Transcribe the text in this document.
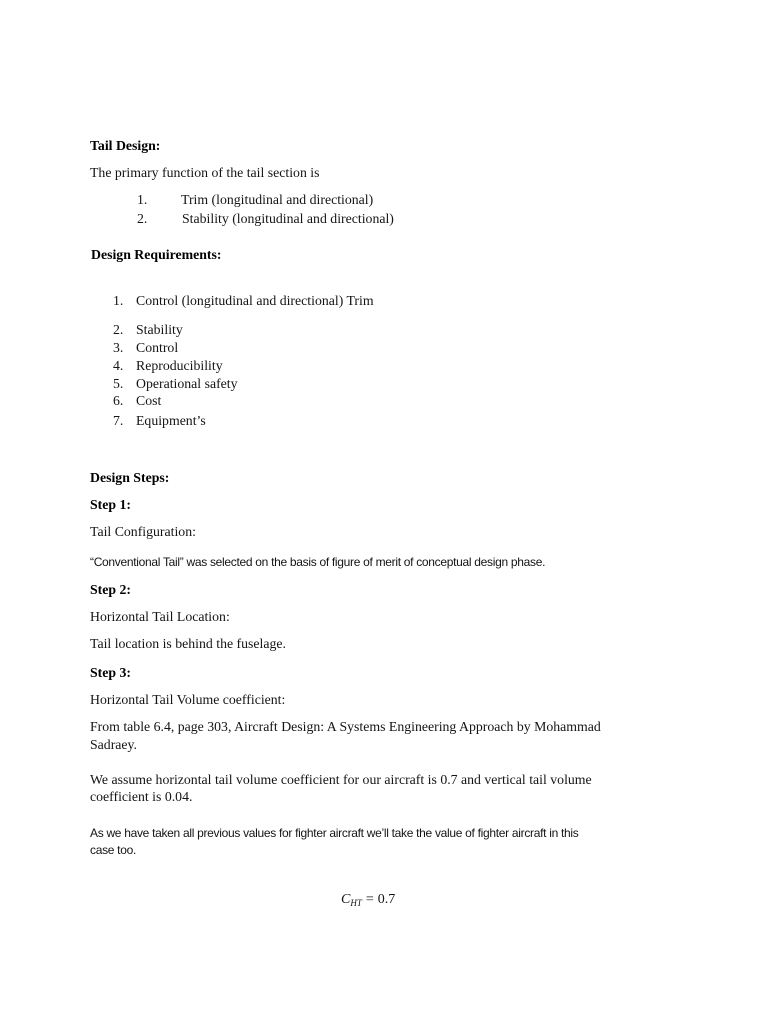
Tail Design:
The primary function of the tail section is
1. Trim (longitudinal and directional)
2.	Stability (longitudinal and directional)
Design Requirements:
1. Control (longitudinal and directional) Trim
2. Stability
3. Control
4. Reproducibility
5. Operational safety
6. Cost
7. Equipment’s
Design Steps:
Step 1:
Tail Configuration:
“Conventional Tail” was selected on the basis of figure of merit of conceptual design phase.
Step 2:
Horizontal Tail Location:
Tail location is behind the fuselage.
Step 3:
Horizontal Tail Volume coefficient:
From table 6.4, page 303, Aircraft Design: A Systems Engineering Approach by Mohammad
Sadraey.
We assume horizontal tail volume coefficient for our aircraft is 0.7 and vertical tail volume
coefficient is 0.04.
As we have taken all previous values for fighter aircraft we’ll take the value of fighter aircraft in this
case too.
$C_{HT} = 0.7$
